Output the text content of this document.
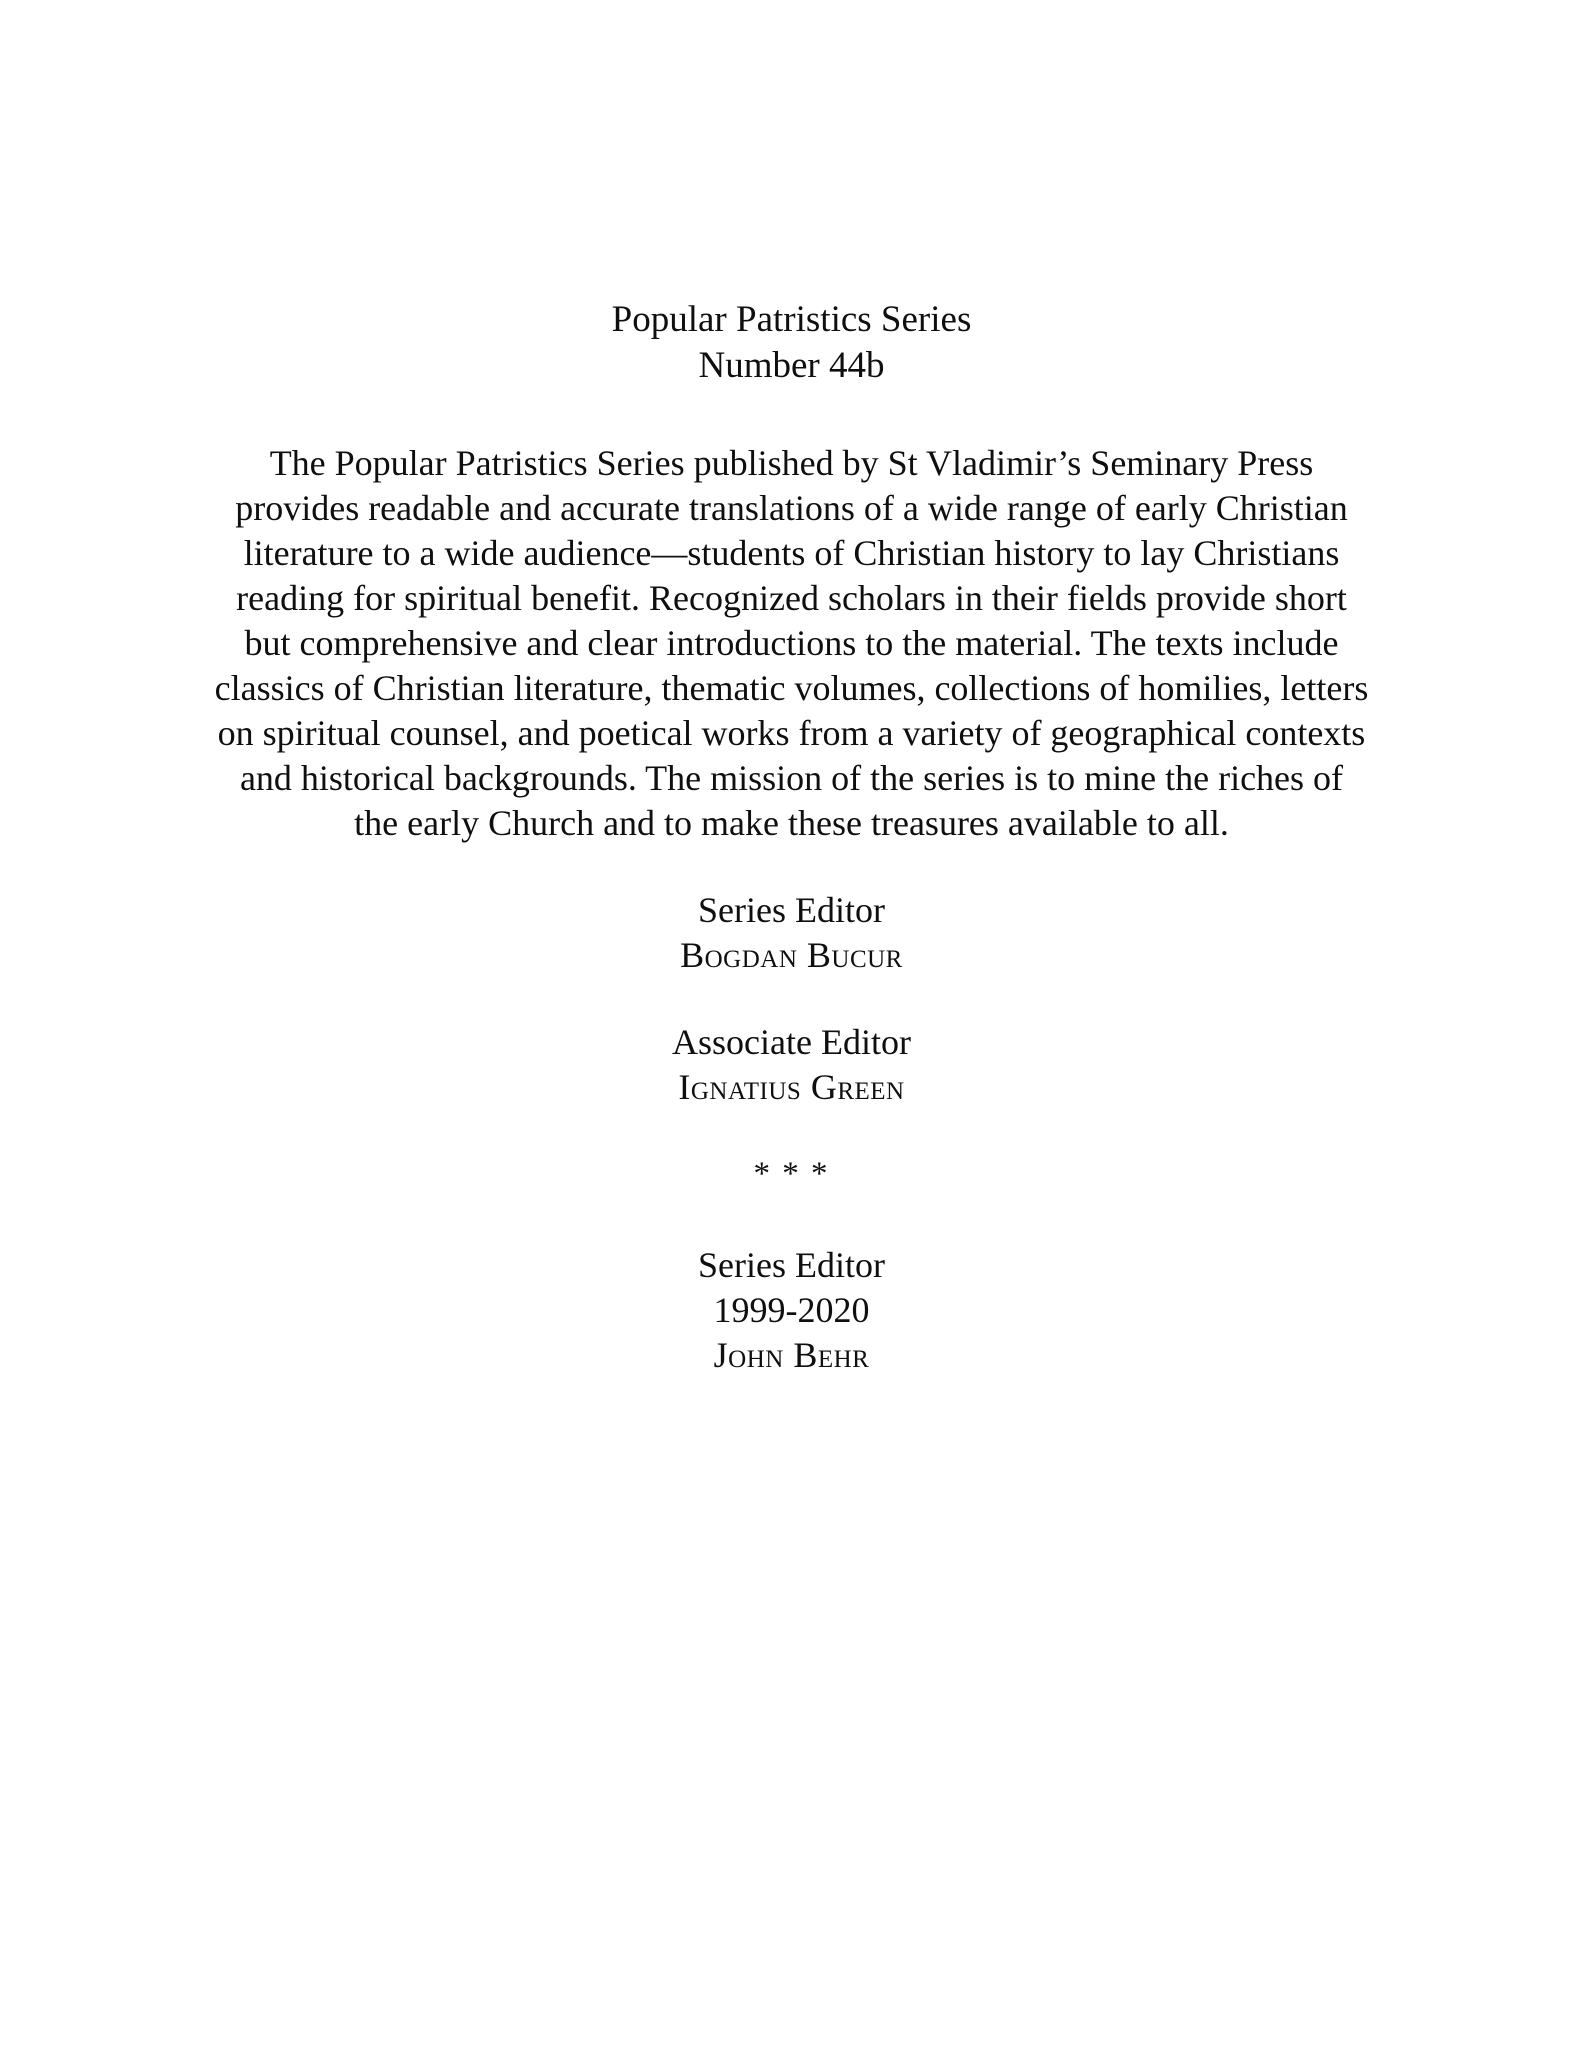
Popular Patristics Series
Number 44b
The Popular Patristics Series published by St Vladimir’s Seminary Press
provides readable and accurate translations of a wide range of early Christian
literature to a wide audience—students of Christian history to lay Christians
reading for spiritual benefit. Recognized scholars in their fields provide short
but comprehensive and clear introductions to the material. The texts include
classics of Christian literature, thematic volumes, collections of homilies, letters
on spiritual counsel, and poetical works from a variety of geographical contexts
and historical backgrounds. The mission of the series is to mine the riches of
the early Church and to make these treasures available to all.
Series Editor
Bogdan Bucur
Associate Editor
Ignatius Green
* * *
Series Editor
1999-2020
John Behr
